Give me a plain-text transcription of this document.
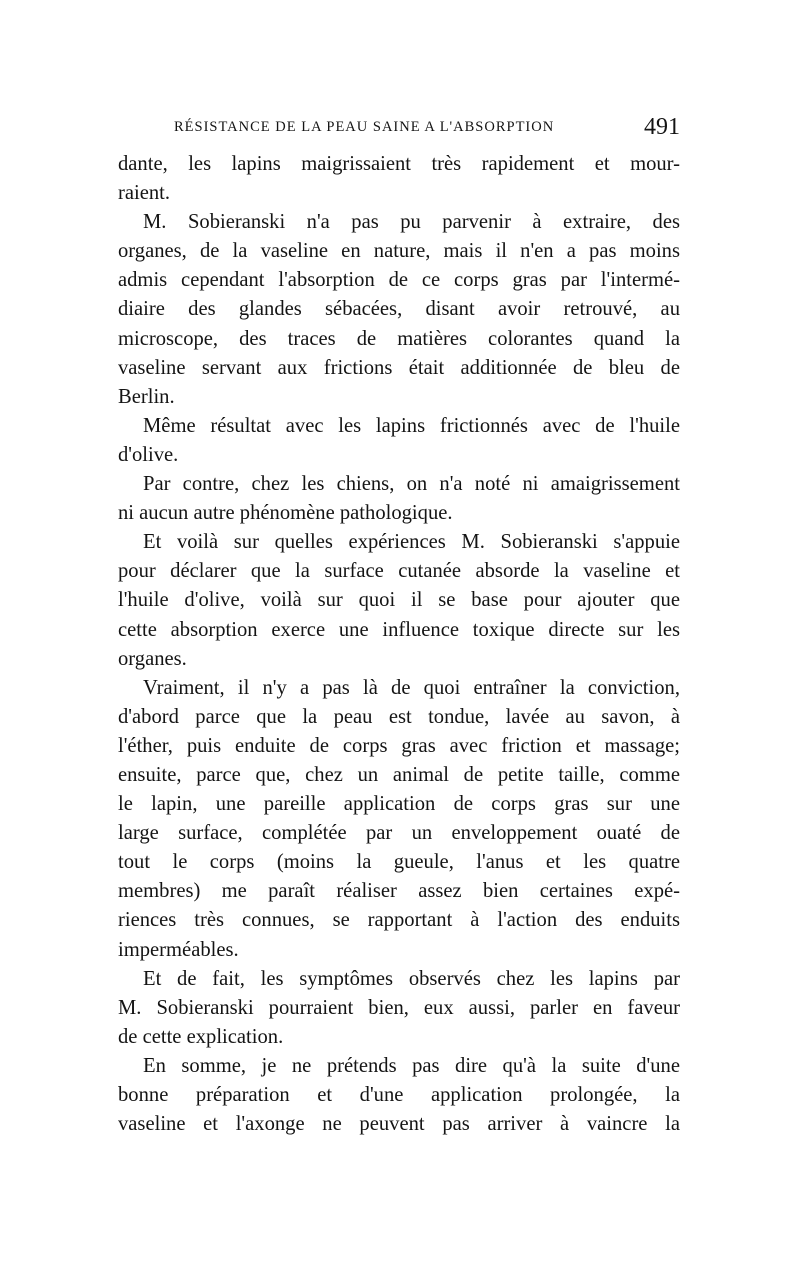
RÉSISTANCE DE LA PEAU SAINE A L'ABSORPTION	491
dante, les lapins maigrissaient très rapidement et mour-
raient.
M. Sobieranski n'a pas pu parvenir à extraire, des
organes, de la vaseline en nature, mais il n'en a pas moins
admis cependant l'absorption de ce corps gras par l'intermé-
diaire des glandes sébacées, disant avoir retrouvé, au
microscope, des traces de matières colorantes quand la
vaseline servant aux frictions était additionnée de bleu de
Berlin.
Même résultat avec les lapins frictionnés avec de l'huile
d'olive.
Par contre, chez les chiens, on n'a noté ni amaigrissement
ni aucun autre phénomène pathologique.
Et voilà sur quelles expériences M. Sobieranski s'appuie
pour déclarer que la surface cutanée absorde la vaseline et
l'huile d'olive, voilà sur quoi il se base pour ajouter que
cette absorption exerce une influence toxique directe sur les
organes.
Vraiment, il n'y a pas là de quoi entraîner la conviction,
d'abord parce que la peau est tondue, lavée au savon, à
l'éther, puis enduite de corps gras avec friction et massage;
ensuite, parce que, chez un animal de petite taille, comme
le lapin, une pareille application de corps gras sur une
large surface, complétée par un enveloppement ouaté de
tout le corps (moins la gueule, l'anus et les quatre
membres) me paraît réaliser assez bien certaines expé-
riences très connues, se rapportant à l'action des enduits
imperméables.
Et de fait, les symptômes observés chez les lapins par
M. Sobieranski pourraient bien, eux aussi, parler en faveur
de cette explication.
En somme, je ne prétends pas dire qu'à la suite d'une
bonne préparation et d'une application prolongée, la
vaseline et l'axonge ne peuvent pas arriver à vaincre la
